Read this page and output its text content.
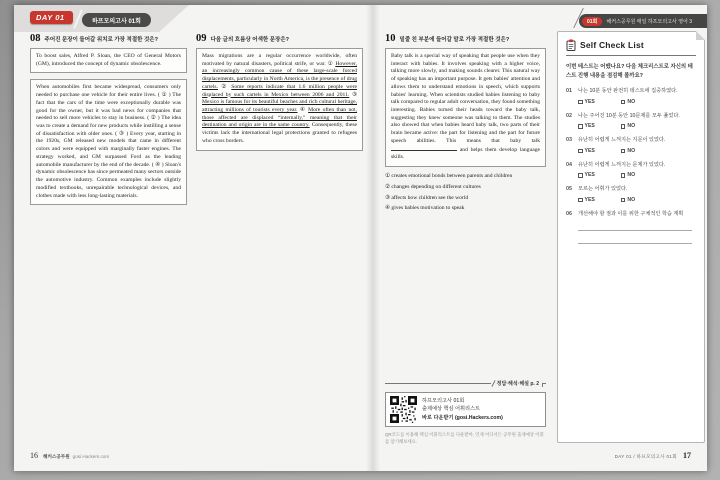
DAY 01	하프모의고사 01회	01회	해커스공무원 매일 하프모의고사 영어 3
08 주어진 문장이 들어갈 위치로 가장 적절한 것은?
To boost sales, Alfred P. Sloan, the CEO of General Motors (GM), introduced the concept of dynamic obsolescence.
When automobiles first became widespread, consumers only needed to purchase one vehicle for their entire lives. ( ① ) The fact that the cars of the time were exceptionally durable was good for the owner, but it was bad news for companies that needed to sell more vehicles to stay in business. ( ② ) The idea was to create a demand for new products while instilling a sense of dissatisfaction with older ones. ( ③ ) Every year, starting in the 1920s, GM released new models that came in different colors and were equipped with marginally faster engines. The strategy worked, and GM surpassed Ford as the leading automobile manufacturer by the end of the decade. ( ④ ) Sloan's dynamic obsolescence has since permeated many sectors outside the automotive industry. Common examples include slightly modified textbooks, unrepairable technological devices, and clothes made with less long-lasting materials.
09 다음 글의 흐름상 어색한 문장은?
Mass migrations are a regular occurrence worldwide, often motivated by natural disasters, political strife, or war. ① However, an increasingly common cause of these large-scale forced displacements, particularly in North America, is the presence of drug cartels. ② Some reports indicate that 1.6 million people were displaced by such cartels in Mexico between 2006 and 2011. ③ Mexico is famous for its beautiful beaches and rich cultural heritage, attracting millions of tourists every year. ④ More often than not, those affected are displaced “internally,” meaning that their destination and origin are in the same country. Consequently, these victims lack the international legal protections granted to refugees who cross borders.
10 밑줄 친 부분에 들어갈 말로 가장 적절한 것은?
Baby talk is a special way of speaking that people use when they interact with babies. It involves speaking with a higher voice, talking more slowly, and making sounds clearer. This natural way of speaking has an important purpose. It gets babies' attention and allows them to understand emotions in speech, which supports babies' learning. When scientists studied babies listening to baby talk compared to regular adult conversation, they found something interesting. Babies turned their heads toward the baby talk, suggesting they knew someone was talking to them. The studies also showed that when babies heard baby talk, two parts of their brain became active: the part for listening and the part for future speech abilities. This means that baby talk  and helps them develop language skills.
① creates emotional bonds between parents and children
② changes depending on different cultures
③ affects how children see the world
④ gives babies motivation to speak
정답·해석·해설 p. 2
하프모의고사 01회
출제예상 핵심 어휘리스트
바로 다운받기 (gosi.Hackers.com)
QR코드를 이용해 핵심 어휘리스트를 다운받아, 언제 어디서든 공무원 출제예상 어휘를 암기해보세요.
Self Check List

이번 테스트는 어땠나요? 다음 체크리스트로 자신의 테스트 진행 내용을 점검해 볼까요?

01	나는 10분 동안 완전히 테스트에 집중하였다.
YES	NO
02	나는 주어진 10분 동안 10문제를 모두 풀었다.
YES	NO
03	유난히 어렵게 느껴지는 지문이 있었다.
YES	NO
04	유난히 어렵게 느껴지는 문제가 있었다.
YES	NO
05	모르는 어휘가 있었다.
YES	NO
06	개선해야 할 점과 이를 위한 구체적인 학습 계획
16 해커스공무원 gosi.Hackers.com	DAY 01 / 하프모의고사 01회 17
